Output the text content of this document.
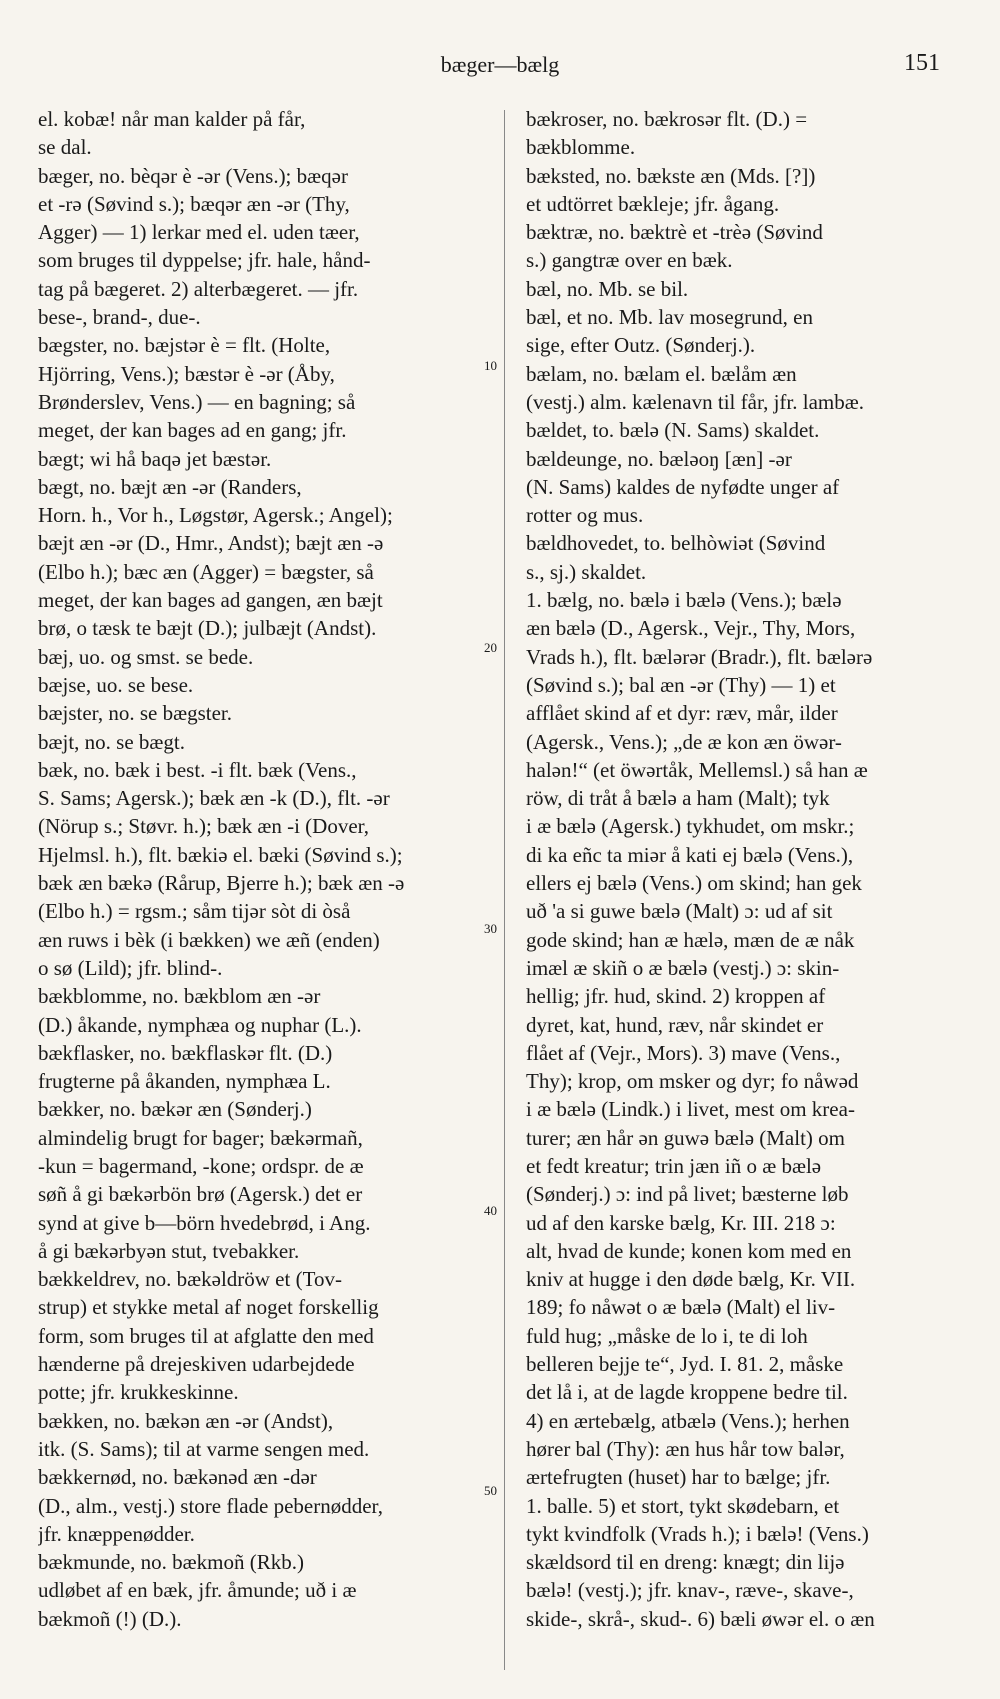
bæger—bælg	151
el. kobæ! når man kalder på får,
se dal.
bæger, no. bèqər è -ər (Vens.); bæqər
et -rə (Søvind s.); bæqər æn -ər (Thy,
Agger) — 1) lerkar med el. uden tæer,
som bruges til dyppelse; jfr. hale, hånd-
tag på bægeret. 2) alterbægeret. — jfr.
bese-, brand-, due-.
bægster, no. bæjstər è = flt. (Holte,
Hjörring, Vens.); bæstər è -ər (Åby,
Brønderslev, Vens.) — en bagning; så
meget, der kan bages ad en gang; jfr.
bægt; wi hå baqə jet bæstər.
bægt, no. bæjt æn -ər (Randers,
Horn. h., Vor h., Løgstør, Agersk.; Angel);
bæjt æn -ər (D., Hmr., Andst); bæjt æn -ə
(Elbo h.); bæc æn (Agger) = bægster, så
meget, der kan bages ad gangen, æn bæjt
brø, o tæsk te bæjt (D.); julbæjt (Andst).
bæj, uo. og smst. se bede.
bæjse, uo. se bese.
bæjster, no. se bægster.
bæjt, no. se bægt.
bæk, no. bæk i best. -i flt. bæk (Vens.,
S. Sams; Agersk.); bæk æn -k (D.), flt. -ər
(Nörup s.; Støvr. h.); bæk æn -i (Dover,
Hjelmsl. h.), flt. bækiə el. bæki (Søvind s.);
bæk æn bækə (Rårup, Bjerre h.); bæk æn -ə
(Elbo h.) = rgsm.; såm tijər sòt di òså
æn ruws i bèk (i bækken) we æñ (enden)
o sø (Lild); jfr. blind-.
bækblomme, no. bækblom æn -ər
(D.) åkande, nymphæa og nuphar (L.).
bækflasker, no. bækflaskər flt. (D.)
frugterne på åkanden, nymphæa L.
bækker, no. bækər æn (Sønderj.)
almindelig brugt for bager; bækərmañ,
-kun = bagermand, -kone; ordspr. de æ
søñ å gi bækərbön brø (Agersk.) det er
synd at give b—börn hvedebrød, i Ang.
å gi bækərbyən stut, tvebakker.
bækkeldrev, no. bækəldröw et (Tov-
strup) et stykke metal af noget forskellig
form, som bruges til at afglatte den med
hænderne på drejeskiven udarbejdede
potte; jfr. krukkeskinne.
bækken, no. bækən æn -ər (Andst),
itk. (S. Sams); til at varme sengen med.
bækkernød, no. bækənəd æn -dər
(D., alm., vestj.) store flade pebernødder,
jfr. knæppenødder.
bækmunde, no. bækmoñ (Rkb.)
udløbet af en bæk, jfr. åmunde; uð i æ
bækmoñ (!) (D.).
bækroser, no. bækrosər flt. (D.) =
bækblomme.
bæksted, no. bækste æn (Mds. [?])
et udtörret bækleje; jfr. ågang.
bæktræ, no. bæktrè et -trèə (Søvind
s.) gangtræ over en bæk.
bæl, no. Mb. se bil.
bæl, et no. Mb. lav mosegrund, en
sige, efter Outz. (Sønderj.).
bælam, no. bælam el. bælåm æn
(vestj.) alm. kælenavn til får, jfr. lambæ.
bældet, to. bælə (N. Sams) skaldet.
bældeunge, no. bæləoŋ [æn] -ər
(N. Sams) kaldes de nyfødte unger af
rotter og mus.
bældhovedet, to. belhòwiət (Søvind
s., sj.) skaldet.
1. bælg, no. bælə i bælə (Vens.); bælə
æn bælə (D., Agersk., Vejr., Thy, Mors,
Vrads h.), flt. bælərər (Bradr.), flt. bælərə
(Søvind s.); bal æn -ər (Thy) — 1) et
afflået skind af et dyr: ræv, mår, ilder
(Agersk., Vens.); „de æ kon æn öwər-
halən!“ (et öwərtåk, Mellemsl.) så han æ
röw, di tråt å bælə a ham (Malt); tyk
i æ bælə (Agersk.) tykhudet, om mskr.;
di ka eñc ta miər å kati ej bælə (Vens.),
ellers ej bælə (Vens.) om skind; han gek
uð 'a si guwe bælə (Malt) ɔ: ud af sit
gode skind; han æ hælə, mæn de æ nåk
imæl æ skiñ o æ bælə (vestj.) ɔ: skin-
hellig; jfr. hud, skind. 2) kroppen af
dyret, kat, hund, ræv, når skindet er
flået af (Vejr., Mors). 3) mave (Vens.,
Thy); krop, om msker og dyr; fo nåwəd
i æ bælə (Lindk.) i livet, mest om krea-
turer; æn hår ən guwə bælə (Malt) om
et fedt kreatur; trin jæn iñ o æ bælə
(Sønderj.) ɔ: ind på livet; bæsterne løb
ud af den karske bælg, Kr. III. 218 ɔ:
alt, hvad de kunde; konen kom med en
kniv at hugge i den døde bælg, Kr. VII.
189; fo nåwət o æ bælə (Malt) el liv-
fuld hug; „måske de lo i, te di loh
belleren bejje te“, Jyd. I. 81. 2, måske
det lå i, at de lagde kroppene bedre til.
4) en ærtebælg, atbælə (Vens.); herhen
hører bal (Thy): æn hus hår tow balər,
ærtefrugten (huset) har to bælge; jfr.
1. balle. 5) et stort, tykt skødebarn, et
tykt kvindfolk (Vrads h.); i bælə! (Vens.)
skældsord til en dreng: knægt; din lijə
bælə! (vestj.); jfr. knav-, ræve-, skave-,
skide-, skrå-, skud-. 6) bæli øwər el. o æn
10
20
30
40
50
